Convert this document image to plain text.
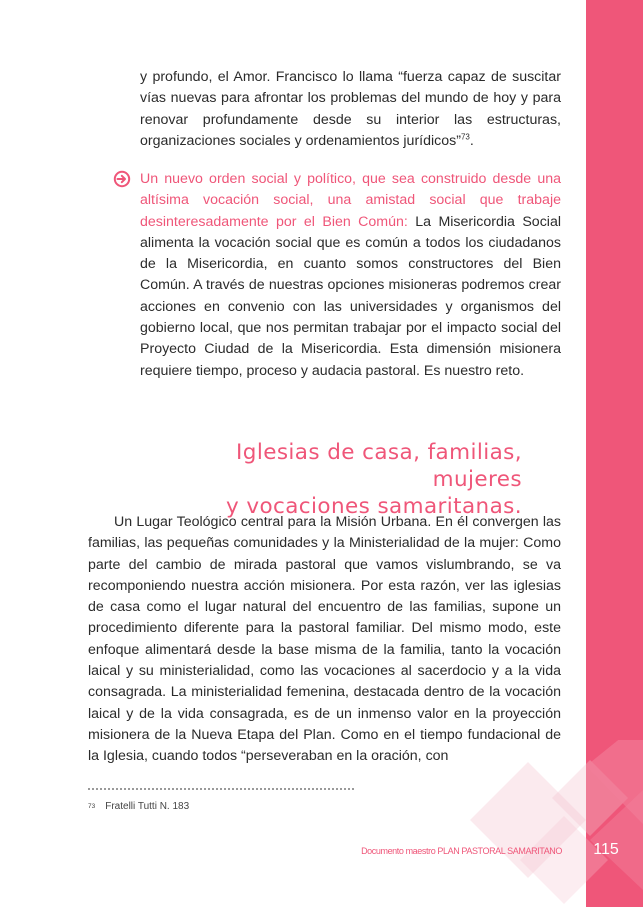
115
Documento maestro PLAN PASTORAL SAMARITANO
y profundo, el Amor. Francisco lo llama “fuerza capaz de suscitar vías nuevas para afrontar los problemas del mundo de hoy y para renovar profundamente desde su interior las estructuras, organizaciones sociales y ordenamientos jurídicos”$^{73}$.
Un nuevo orden social y político, que sea construido desde una altísima vocación social, una amistad social que trabaje desinteresadamente por el Bien Común: La Misericordia Social alimenta la vocación social que es común a todos los ciudadanos de la Misericordia, en cuanto somos constructores del Bien Común. A través de nuestras opciones misioneras podremos crear acciones en convenio con las universidades y organismos del gobierno local, que nos permitan trabajar por el impacto social del Proyecto Ciudad de la Misericordia. Esta dimensión misionera requiere tiempo, proceso y audacia pastoral. Es nuestro reto.
Iglesias de casa, familias, mujeres
y vocaciones samaritanas.

Un Lugar Teológico central para la Misión Urbana. En él convergen las familias, las pequeñas comunidades y la Ministerialidad de la mujer: Como parte del cambio de mirada pastoral que vamos vislumbrando, se va recomponiendo nuestra acción misionera. Por esta razón, ver las iglesias de casa como el lugar natural del encuentro de las familias, supone un procedimiento diferente para la pastoral familiar. Del mismo modo, este enfoque alimentará desde la base misma de la familia, tanto la vocación laical y su ministerialidad, como las vocaciones al sacerdocio y a la vida consagrada. La ministerialidad femenina, destacada dentro de la vocación laical y de la vida consagrada, es de un inmenso valor en la proyección misionera de la Nueva Etapa del Plan. Como en el tiempo fundacional de la Iglesia, cuando todos “perseveraban en la oración, con

$^{73}$ Fratelli Tutti N. 183
